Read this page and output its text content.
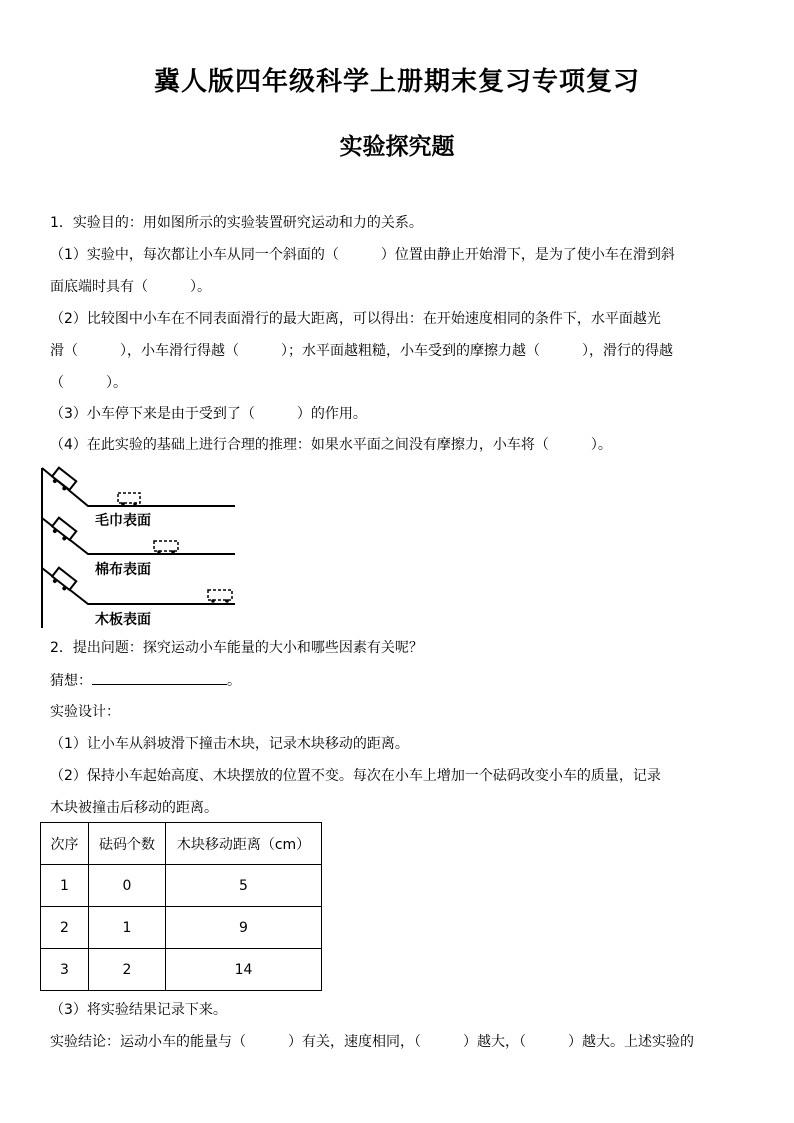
冀人版四年级科学上册期末复习专项复习
实验探究题
1．实验目的：用如图所示的实验装置研究运动和力的关系。
（1）实验中，每次都让小车从同一个斜面的（　　　）位置由静止开始滑下，是为了使小车在滑到斜
面底端时具有（　　　）。
（2）比较图中小车在不同表面滑行的最大距离，可以得出：在开始速度相同的条件下，水平面越光
滑（　　　），小车滑行得越（　　　）；水平面越粗糙，小车受到的摩擦力越（　　　），滑行的得越
（　　　）。
（3）小车停下来是由于受到了（　　　）的作用。
（4）在此实验的基础上进行合理的推理：如果水平面之间没有摩擦力，小车将（　　　）。
毛巾表面
棉布表面
木板表面
2．提出问题：探究运动小车能量的大小和哪些因素有关呢？
猜想：	。
实验设计：
（1）让小车从斜坡滑下撞击木块，记录木块移动的距离。
（2）保持小车起始高度、木块摆放的位置不变。每次在小车上增加一个砝码改变小车的质量，记录
木块被撞击后移动的距离。
次序	砝码个数	木块移动距离（cm）
1	0	5
2	1	9
3	2	14
（3）将实验结果记录下来。
实验结论：运动小车的能量与（　　　）有关，速度相同，（　　　）越大，（　　　）越大。上述实验的
